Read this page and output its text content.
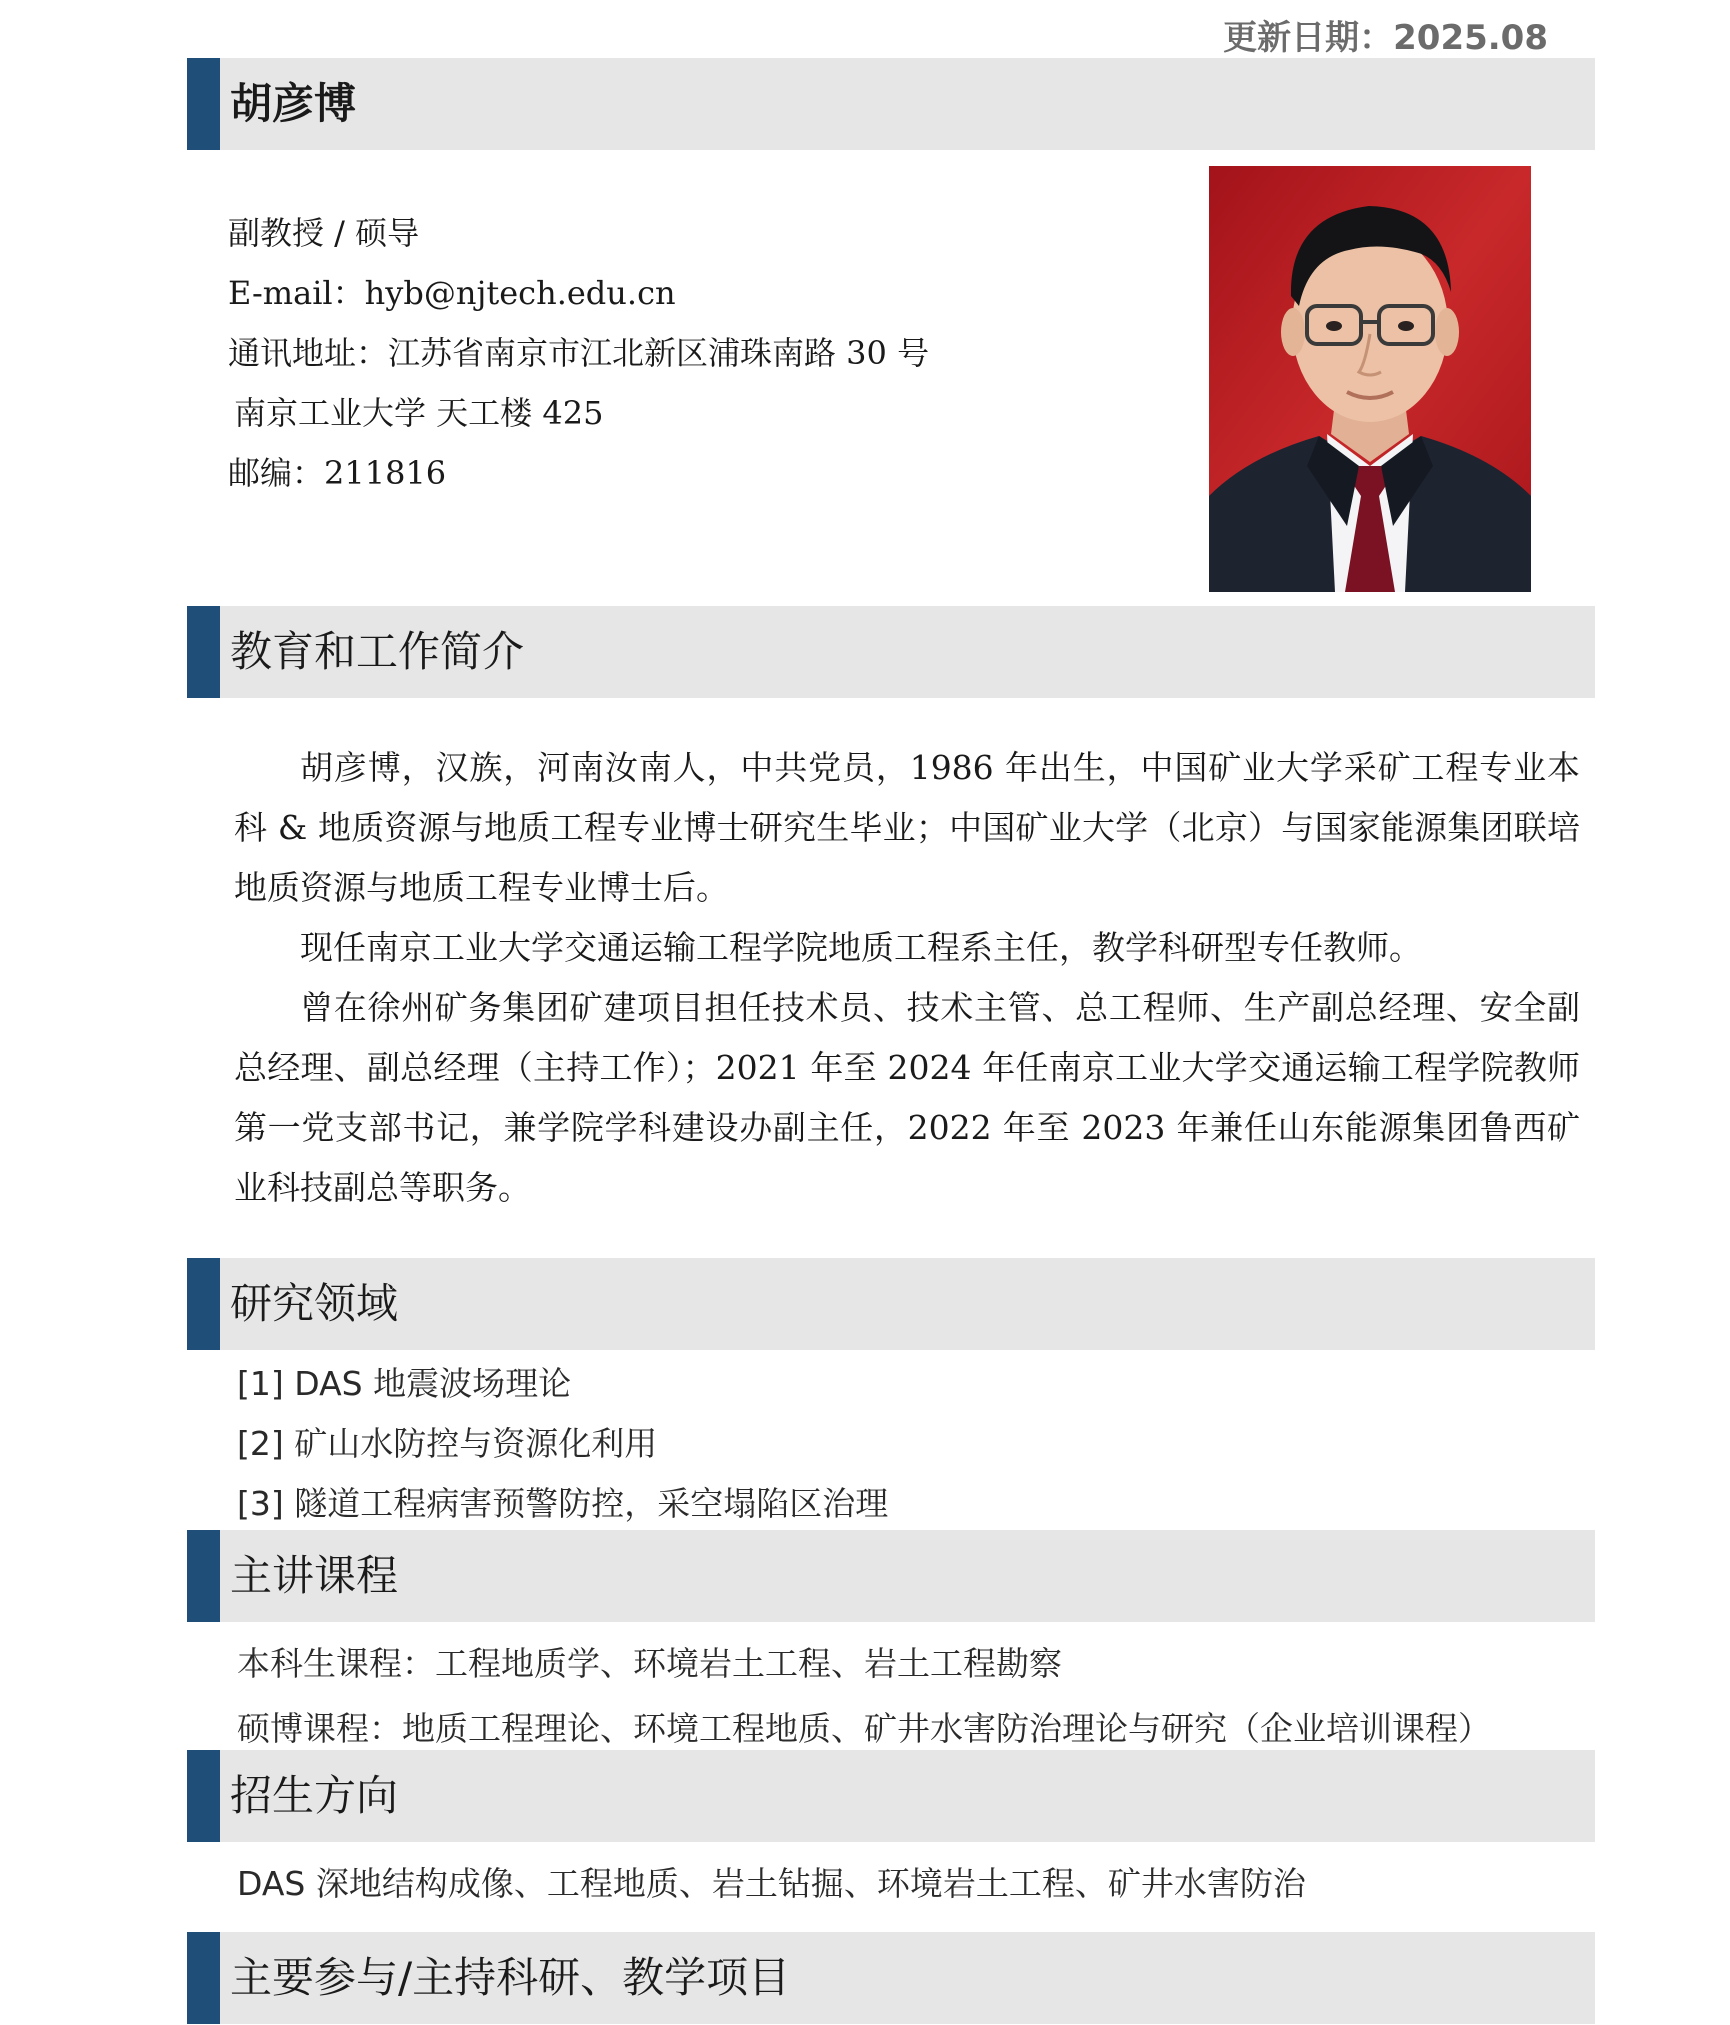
更新日期：2025.08
胡彦博
副教授 / 硕导
E-mail：hyb@njtech.edu.cn
通讯地址：江苏省南京市江北新区浦珠南路 30 号
南京工业大学 天工楼 425
邮编：211816
教育和工作简介

胡彦博，汉族，河南汝南人，中共党员，1986 年出生，中国矿业大学采矿工程专业本科 & 地质资源与地质工程专业博士研究生毕业；中国矿业大学（北京）与国家能源集团联培地质资源与地质工程专业博士后。

现任南京工业大学交通运输工程学院地质工程系主任，教学科研型专任教师。

曾在徐州矿务集团矿建项目担任技术员、技术主管、总工程师、生产副总经理、安全副总经理、副总经理（主持工作）；2021 年至 2024 年任南京工业大学交通运输工程学院教师第一党支部书记，兼学院学科建设办副主任，2022 年至 2023 年兼任山东能源集团鲁西矿业科技副总等职务。

研究领域
[1] DAS 地震波场理论
[2] 矿山水防控与资源化利用
[3] 隧道工程病害预警防控，采空塌陷区治理
主讲课程
本科生课程：工程地质学、环境岩土工程、岩土工程勘察
硕博课程：地质工程理论、环境工程地质、矿井水害防治理论与研究（企业培训课程）
招生方向
DAS 深地结构成像、工程地质、岩土钻掘、环境岩土工程、矿井水害防治
主要参与/主持科研、教学项目
